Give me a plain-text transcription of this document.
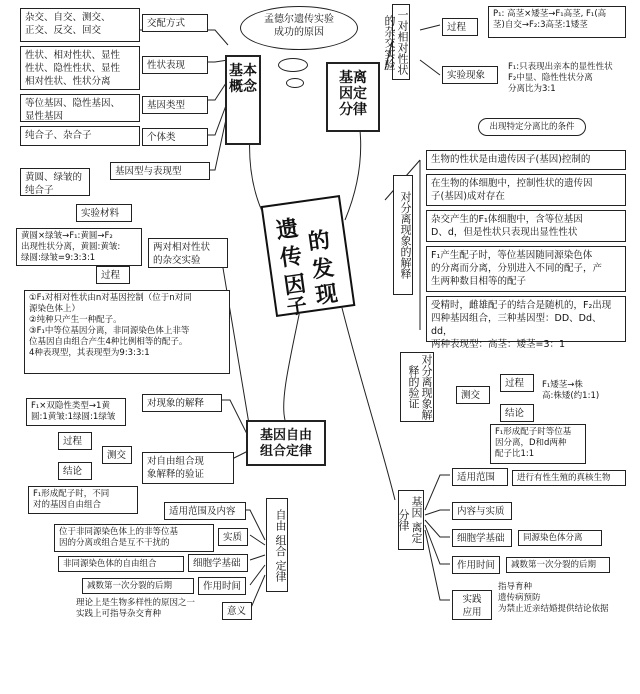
遗
传
因
子
的
发
现
孟德尔遗传实验
成功的原因
基本
概念
杂交、自交、测交、
正交、反交、回交
交配方式
性状、相对性状、显性
性状、隐性性状、显性
相对性状、性状分离
性状表现
等位基因、隐性基因、
显性基因
基因类型
纯合子、杂合子	个体类
基因型与表现型
基离
因定
分律
一对相对性状的杂交实验	过程
P₁: 高茎×矮茎→F₁高茎, F₁(高
茎)自交→F₂:3高茎:1矮茎
实验现象
F₁:只表现出亲本的显性性状
F₂中显、隐性性状分离
分离比为3:1
出现特定分离比的条件
对分离现象的解释
生物的性状是由遗传因子(基因)控制的
在生物的体细胞中，控制性状的遗传因
子(基因)成对存在
杂交产生的F₁体细胞中，含等位基因
D、d，但是性状只表现出显性性状
F₁产生配子时，等位基因随同源染色体
的分离而分离，分别进入不同的配子，产
生两种数目相等的配子
受精时，雌雄配子的结合是随机的，F₂出现
四种基因组合，三种基因型：DD、Dd、dd，
两种表现型：高茎：矮茎=3：1
对分离现象解释的验证	测交
过程	F₁矮茎→株
高:株矮(约1:1)
结论
F₁形成配子时等位基
因分离，D和d两种
配子比1:1
基因 离定 分律
适用范围	进行有性生殖的真核生物
内容与实质
细胞学基础	同源染色体分离
作用时间	减数第一次分裂的后期
实践
应用
指导育种
遗传病预防
为禁止近亲结婚提供结论依据
黄圆、绿皱的
纯合子
实验材料
黄圆×绿皱→F₁:黄圆→F₂
出现性状分离，黄圆:黄皱:
绿圆:绿皱=9:3:3:1
过程
两对相对性状
的杂交实验
①F₁对相对性状由n对基因控制（位于n对同
源染色体上）
②纯种只产生一种配子。
③F₁中等位基因分离，非同源染色体上非等
位基因自由组合产生4种比例相等的配子。
4种表现型，其表现型为9:3:3:1
对现象的解释
F₁×双隐性类型→1黄
圆:1黄皱:1绿圆:1绿皱
过程
测交
结论
F₁形成配子时，不同
对的基因自由组合
对自由组合现
象解释的验证
基因自由
组合定律
自由 组合 定律
适用范围及内容
位于非同源染色体上的非等位基
因的分离或组合是互不干扰的	实质
非同源染色体的自由组合	细胞学基础
减数第一次分裂的后期	作用时间
理论上是生物多样性的原因之一
实践上可指导杂交育种	意义
